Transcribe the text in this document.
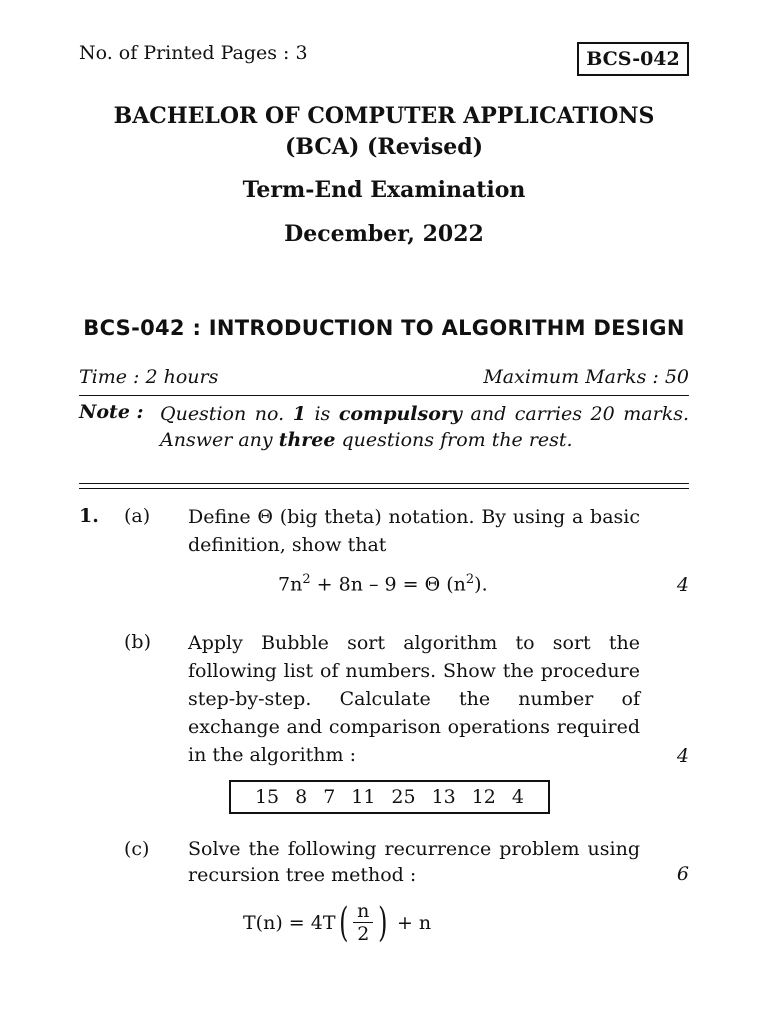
No. of Printed Pages : 3	BCS-042
BACHELOR OF COMPUTER APPLICATIONS
(BCA) (Revised)
Term-End Examination
December, 2022
BCS-042 : INTRODUCTION TO ALGORITHM DESIGN
Time : 2 hours	Maximum Marks : 50
Note : Question no. 1 is compulsory and carries 20 marks. Answer any three questions from the rest.
1. (a) Define Θ (big theta) notation. By using a basic definition, show that
$7n^2 + 8n - 9 = \Theta$ $(n^2)$.	4
(b) Apply Bubble sort algorithm to sort the following list of numbers. Show the procedure step-by-step. Calculate the number of exchange and comparison operations required in the algorithm :	4
15 8 7 11 25 13 12 4
(c) Solve the following recurrence problem using recursion tree method :	6
T(n) = 4T ( $\frac{n}{2}$ ) + n
